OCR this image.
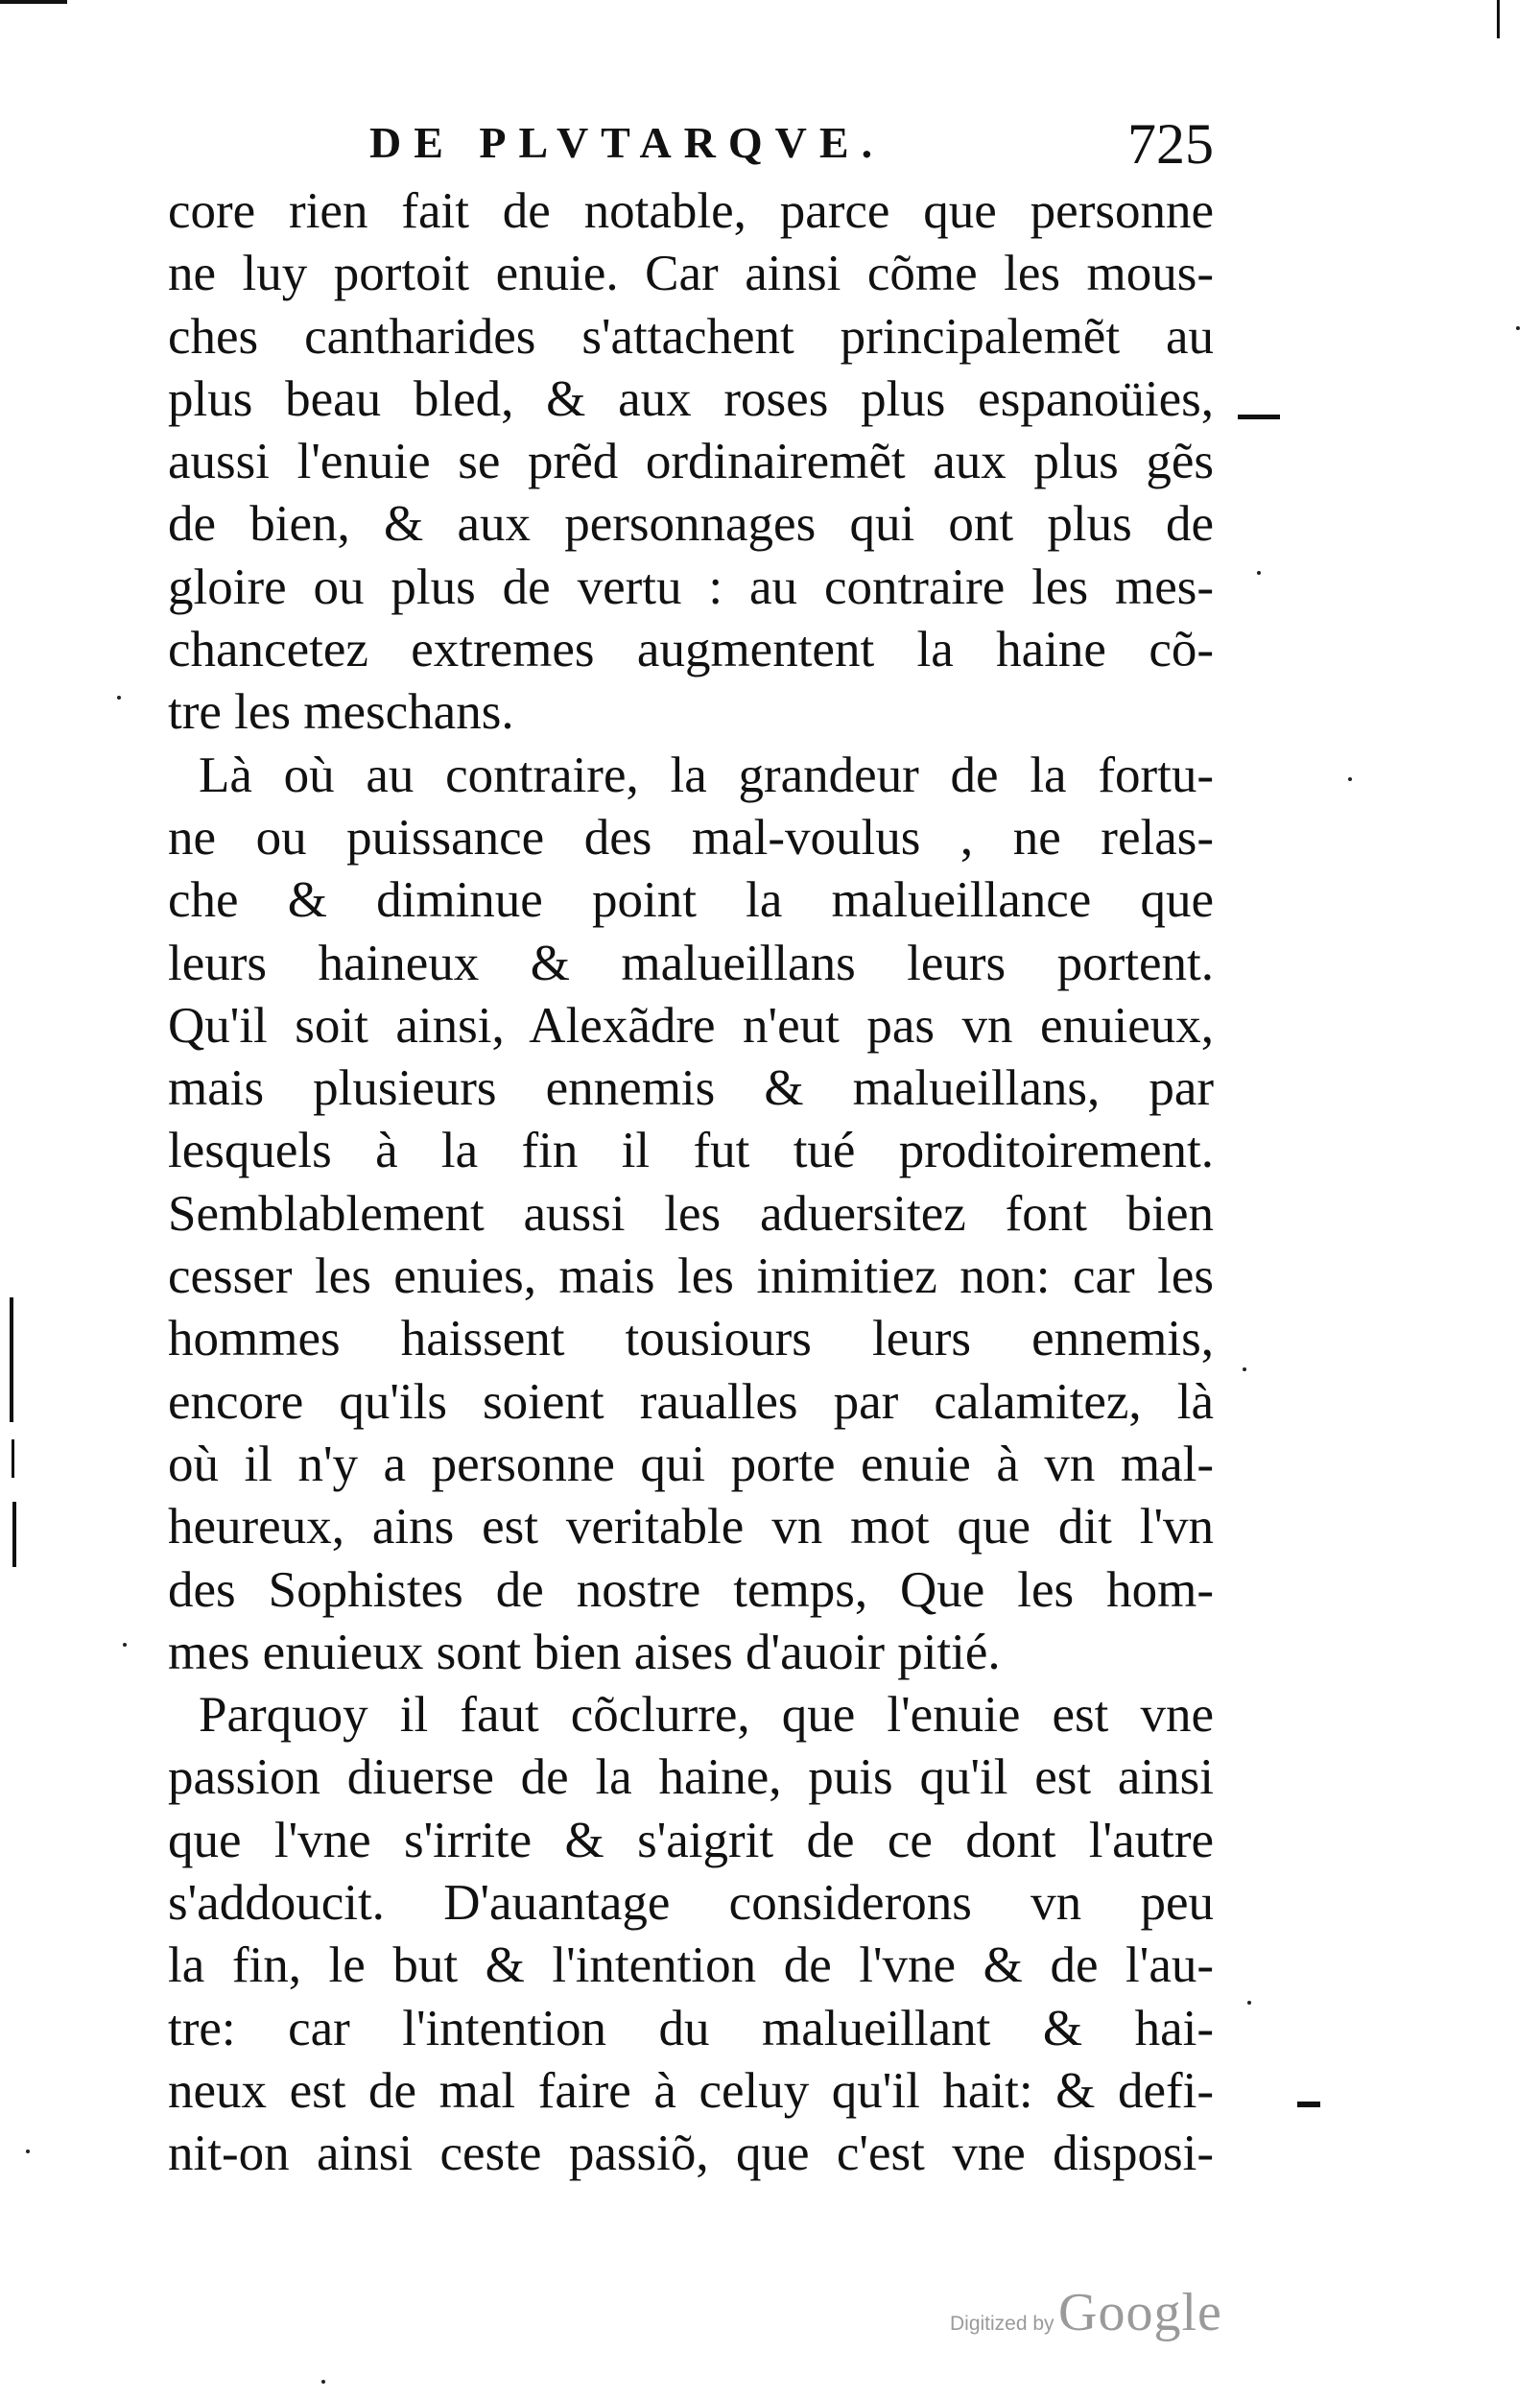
DE PLVTARQVE.	725
core rien fait de notable, parce que personne
ne luy portoit enuie. Car ainsi cõme les mous-
ches cantharides s'attachent principalemẽt au
plus beau bled, & aux roses plus espanoüies,
aussi l'enuie se prẽd ordinairemẽt aux plus gẽs
de bien, & aux personnages qui ont plus de
gloire ou plus de vertu : au contraire les mes-
chancetez extremes augmentent la haine cõ-
tre les meschans.
Là où au contraire, la grandeur de la fortu-
ne ou puissance des mal-voulus , ne relas-
che & diminue point la malueillance que
leurs haineux & malueillans leurs portent.
Qu'il soit ainsi, Alexãdre n'eut pas vn enuieux,
mais plusieurs ennemis & malueillans, par
lesquels à la fin il fut tué proditoirement.
Semblablement aussi les aduersitez font bien
cesser les enuies, mais les inimitiez non: car les
hommes haissent tousiours leurs ennemis,
encore qu'ils soient raualles par calamitez, là
où il n'y a personne qui porte enuie à vn mal-
heureux, ains est veritable vn mot que dit l'vn
des Sophistes de nostre temps, Que les hom-
mes enuieux sont bien aises d'auoir pitié.
Parquoy il faut cõclurre, que l'enuie est vne
passion diuerse de la haine, puis qu'il est ainsi
que l'vne s'irrite & s'aigrit de ce dont l'autre
s'addoucit. D'auantage considerons vn peu
la fin, le but & l'intention de l'vne & de l'au-
tre: car l'intention du malueillant & hai-
neux est de mal faire à celuy qu'il hait: & defi-
nit-on ainsi ceste passiõ, que c'est vne disposi-
Digitized by Google
